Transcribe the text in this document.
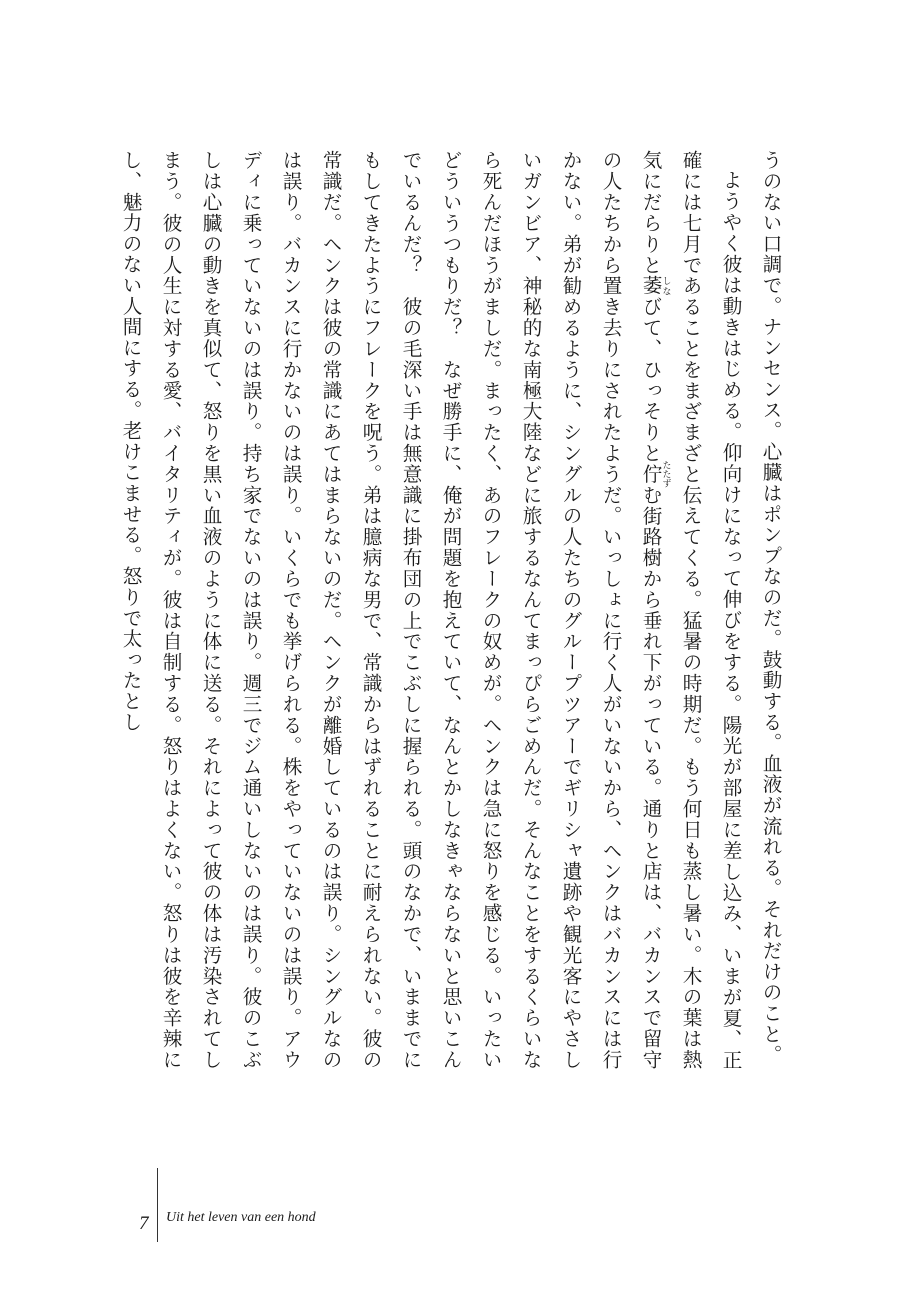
うのない口調で。ナンセンス。心臓はポンプなのだ。鼓動する。血液が流れる。それだけのこと。

ようやく彼は動きはじめる。仰向けになって伸びをする。陽光が部屋に差し込み、いまが夏、正確には七月であることをまざまざと伝えてくる。猛暑の時期だ。もう何日も蒸し暑い。木の葉は熱気にだらりと萎しなびて、ひっそりと佇たたずむ街路樹から垂れ下がっている。通りと店は、バカンスで留守の人たちから置き去りにされたようだ。いっしょに行く人がいないから、ヘンクはバカンスには行かない。弟が勧めるように、シングルの人たちのグループツアーでギリシャ遺跡や観光客にやさしいガンビア、神秘的な南極大陸などに旅するなんてまっぴらごめんだ。そんなことをするくらいなら死んだほうがましだ。まったく、あのフレークの奴めが。ヘンクは急に怒りを感じる。いったいどういうつもりだ？　なぜ勝手に、俺が問題を抱えていて、なんとかしなきゃならないと思いこんでいるんだ？　彼の毛深い手は無意識に掛布団の上でこぶしに握られる。頭のなかで、いままでにもしてきたようにフレークを呪う。弟は臆病な男で、常識からはずれることに耐えられない。彼の常識だ。ヘンクは彼の常識にあてはまらないのだ。ヘンクが離婚しているのは誤り。シングルなのは誤り。バカンスに行かないのは誤り。いくらでも挙げられる。株をやっていないのは誤り。アウディに乗っていないのは誤り。持ち家でないのは誤り。週三でジム通いしないのは誤り。彼のこぶしは心臓の動きを真似て、怒りを黒い血液のように体に送る。それによって彼の体は汚染されてしまう。彼の人生に対する愛、バイタリティが。彼は自制する。怒りはよくない。怒りは彼を辛辣にし、魅力のない人間にする。老けこませる。怒りで太ったとし

7 Uit het leven van een hond
